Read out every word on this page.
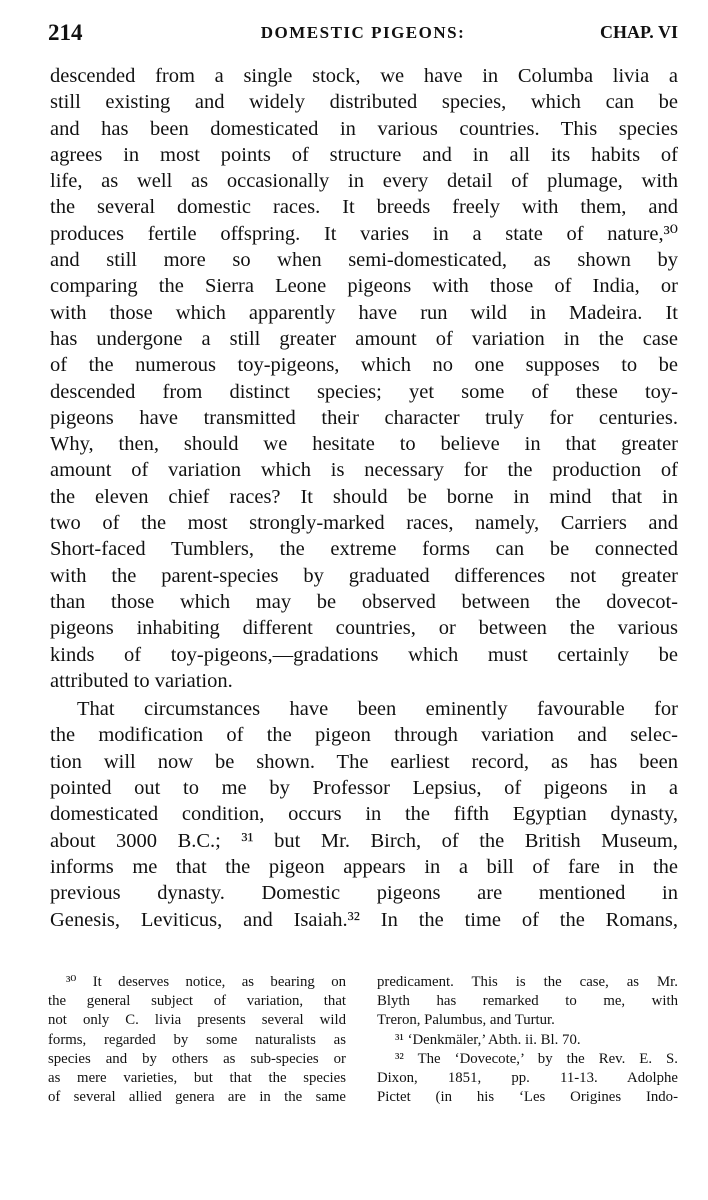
214	DOMESTIC PIGEONS:	CHAP. VI
descended from a single stock, we have in Columba livia a
still existing and widely distributed species, which can be
and has been domesticated in various countries. This species
agrees in most points of structure and in all its habits of
life, as well as occasionally in every detail of plumage, with
the several domestic races. It breeds freely with them, and
produces fertile offspring. It varies in a state of nature,³⁰
and still more so when semi-domesticated, as shown by
comparing the Sierra Leone pigeons with those of India, or
with those which apparently have run wild in Madeira. It
has undergone a still greater amount of variation in the case
of the numerous toy-pigeons, which no one supposes to be
descended from distinct species; yet some of these toy-
pigeons have transmitted their character truly for centuries.
Why, then, should we hesitate to believe in that greater
amount of variation which is necessary for the production of
the eleven chief races? It should be borne in mind that in
two of the most strongly-marked races, namely, Carriers and
Short-faced Tumblers, the extreme forms can be connected
with the parent-species by graduated differences not greater
than those which may be observed between the dovecot-
pigeons inhabiting different countries, or between the various
kinds of toy-pigeons,—gradations which must certainly be
attributed to variation.
That circumstances have been eminently favourable for
the modification of the pigeon through variation and selec-
tion will now be shown. The earliest record, as has been
pointed out to me by Professor Lepsius, of pigeons in a
domesticated condition, occurs in the fifth Egyptian dynasty,
about 3000 B.C.; ³¹ but Mr. Birch, of the British Museum,
informs me that the pigeon appears in a bill of fare in the
previous dynasty. Domestic pigeons are mentioned in
Genesis, Leviticus, and Isaiah.³² In the time of the Romans,
³⁰ It deserves notice, as bearing on
the general subject of variation, that
not only C. livia presents several wild
forms, regarded by some naturalists as
species and by others as sub-species or
as mere varieties, but that the species
of several allied genera are in the same
predicament. This is the case, as Mr.
Blyth has remarked to me, with
Treron, Palumbus, and Turtur.
³¹ ‘Denkmäler,’ Abth. ii. Bl. 70.
³² The ‘Dovecote,’ by the Rev. E. S.
Dixon, 1851, pp. 11-13. Adolphe
Pictet (in his ‘Les Origines Indo-
